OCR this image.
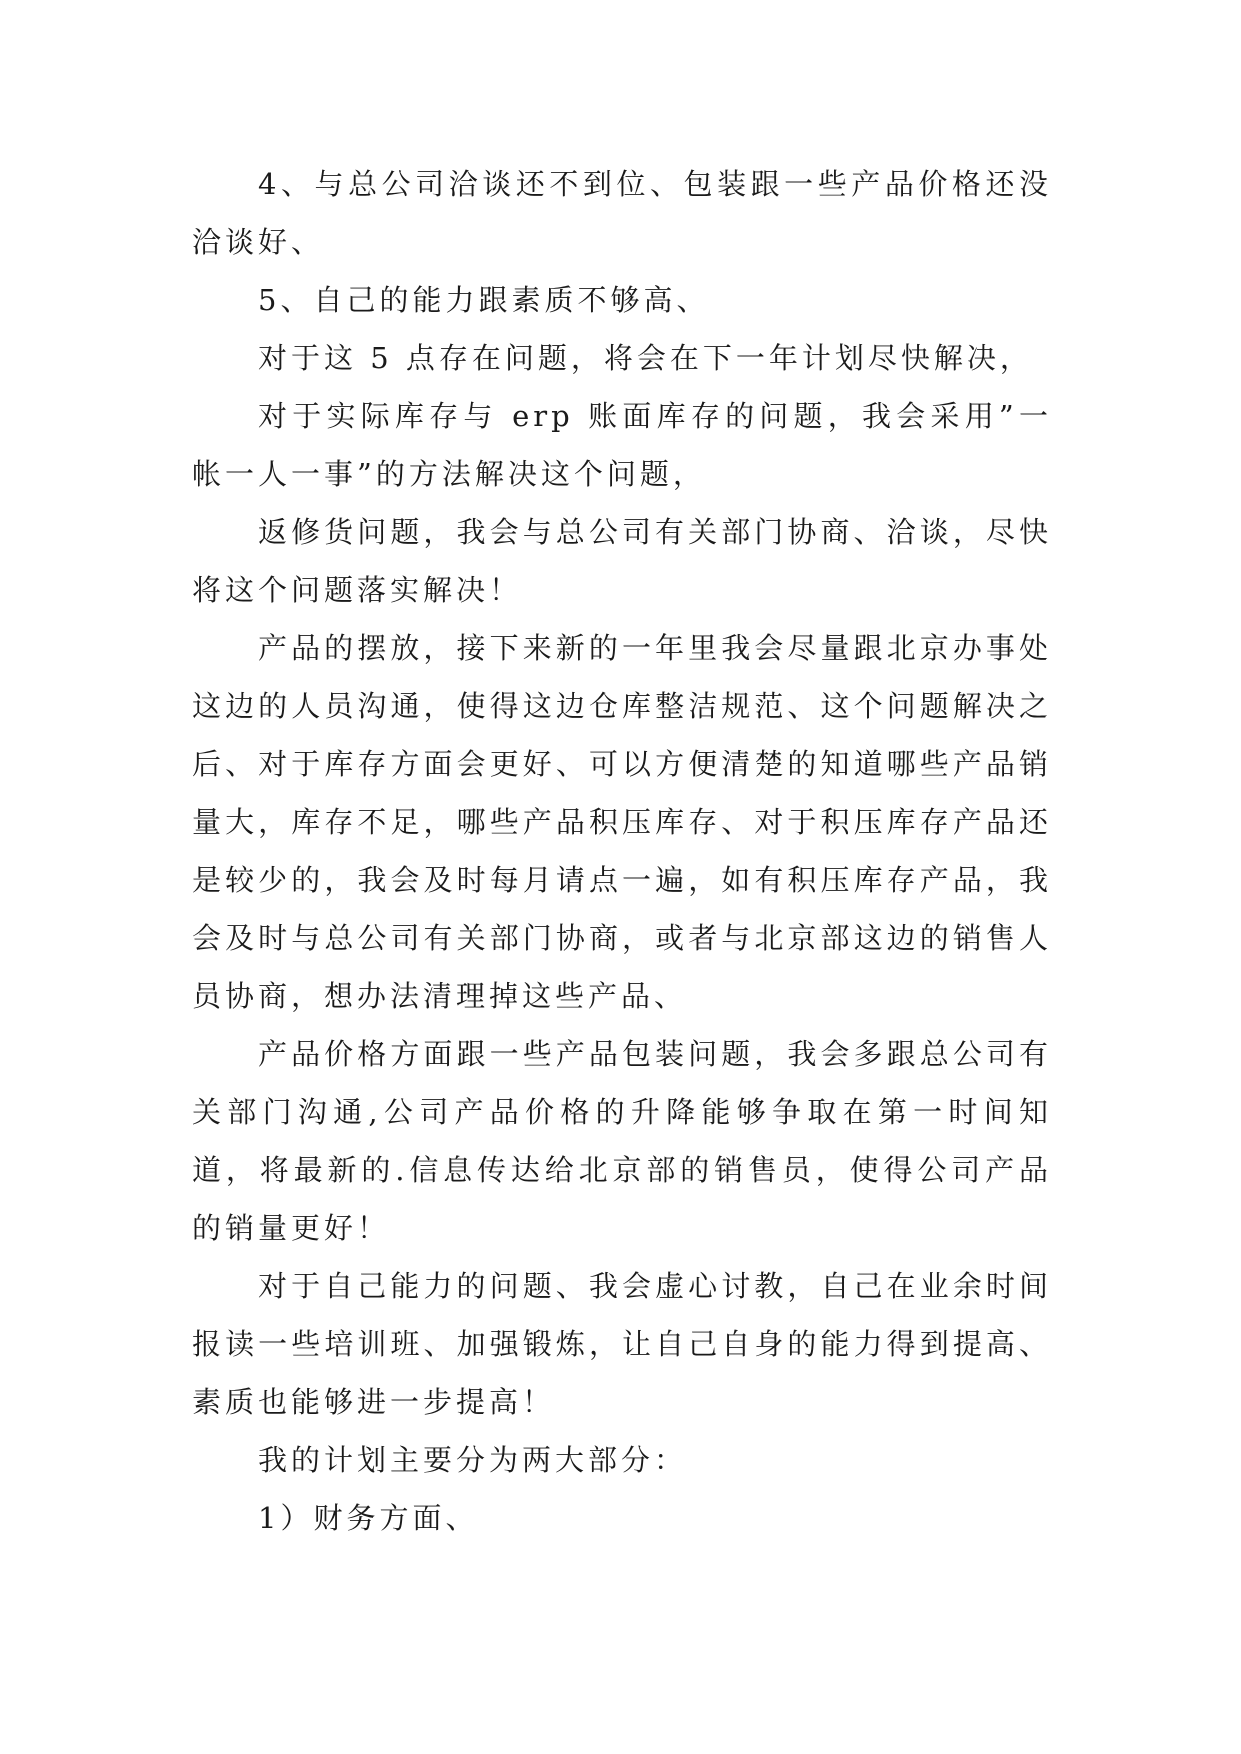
4、与总公司洽谈还不到位、包装跟一些产品价格还没洽谈好、

5、自己的能力跟素质不够高、

对于这 5 点存在问题，将会在下一年计划尽快解决，

对于实际库存与 erp 账面库存的问题，我会采用”一帐一人一事”的方法解决这个问题，

返修货问题，我会与总公司有关部门协商、洽谈，尽快将这个问题落实解决！

产品的摆放，接下来新的一年里我会尽量跟北京办事处这边的人员沟通，使得这边仓库整洁规范、这个问题解决之后、对于库存方面会更好、可以方便清楚的知道哪些产品销量大，库存不足，哪些产品积压库存、对于积压库存产品还是较少的，我会及时每月请点一遍，如有积压库存产品，我会及时与总公司有关部门协商，或者与北京部这边的销售人员协商，想办法清理掉这些产品、

产品价格方面跟一些产品包装问题，我会多跟总公司有关部门沟通,公司产品价格的升降能够争取在第一时间知道，将最新的.信息传达给北京部的销售员，使得公司产品的销量更好！

对于自己能力的问题、我会虚心讨教，自己在业余时间报读一些培训班、加强锻炼，让自己自身的能力得到提高、素质也能够进一步提高！

我的计划主要分为两大部分：

1）财务方面、
